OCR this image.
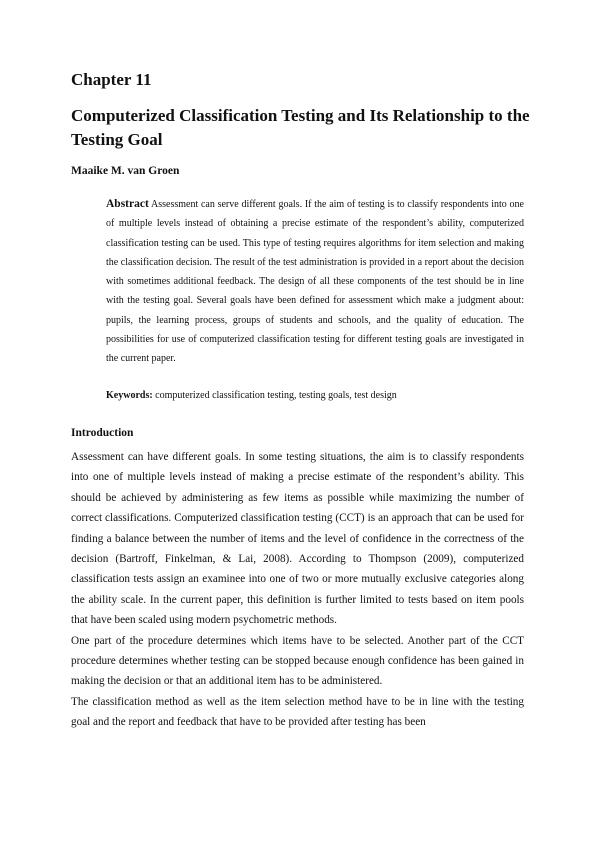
Chapter 11
Computerized Classification Testing and Its Relationship to the Testing Goal
Maaike M. van Groen

Abstract Assessment can serve different goals. If the aim of testing is to classify respondents into one of multiple levels instead of obtaining a precise estimate of the respondent’s ability, computerized classification testing can be used. This type of testing requires algorithms for item selection and making the classification decision. The result of the test administration is provided in a report about the decision with sometimes additional feedback. The design of all these components of the test should be in line with the testing goal. Several goals have been defined for assessment which make a judgment about: pupils, the learning process, groups of students and schools, and the quality of education. The possibilities for use of computerized classification testing for different testing goals are investigated in the current paper.

Keywords: computerized classification testing, testing goals, test design

Introduction

Assessment can have different goals. In some testing situations, the aim is to classify respondents into one of multiple levels instead of making a precise estimate of the respondent’s ability. This should be achieved by administering as few items as possible while maximizing the number of correct classifications. Computerized classification testing (CCT) is an approach that can be used for finding a balance between the number of items and the level of confidence in the correctness of the decision (Bartroff, Finkelman, & Lai, 2008). According to Thompson (2009), computerized classification tests assign an examinee into one of two or more mutually exclusive categories along the ability scale. In the current paper, this definition is further limited to tests based on item pools that have been scaled using modern psychometric methods.

One part of the procedure determines which items have to be selected. Another part of the CCT procedure determines whether testing can be stopped because enough confidence has been gained in making the decision or that an additional item has to be administered.

The classification method as well as the item selection method have to be in line with the testing goal and the report and feedback that have to be provided after testing has been
